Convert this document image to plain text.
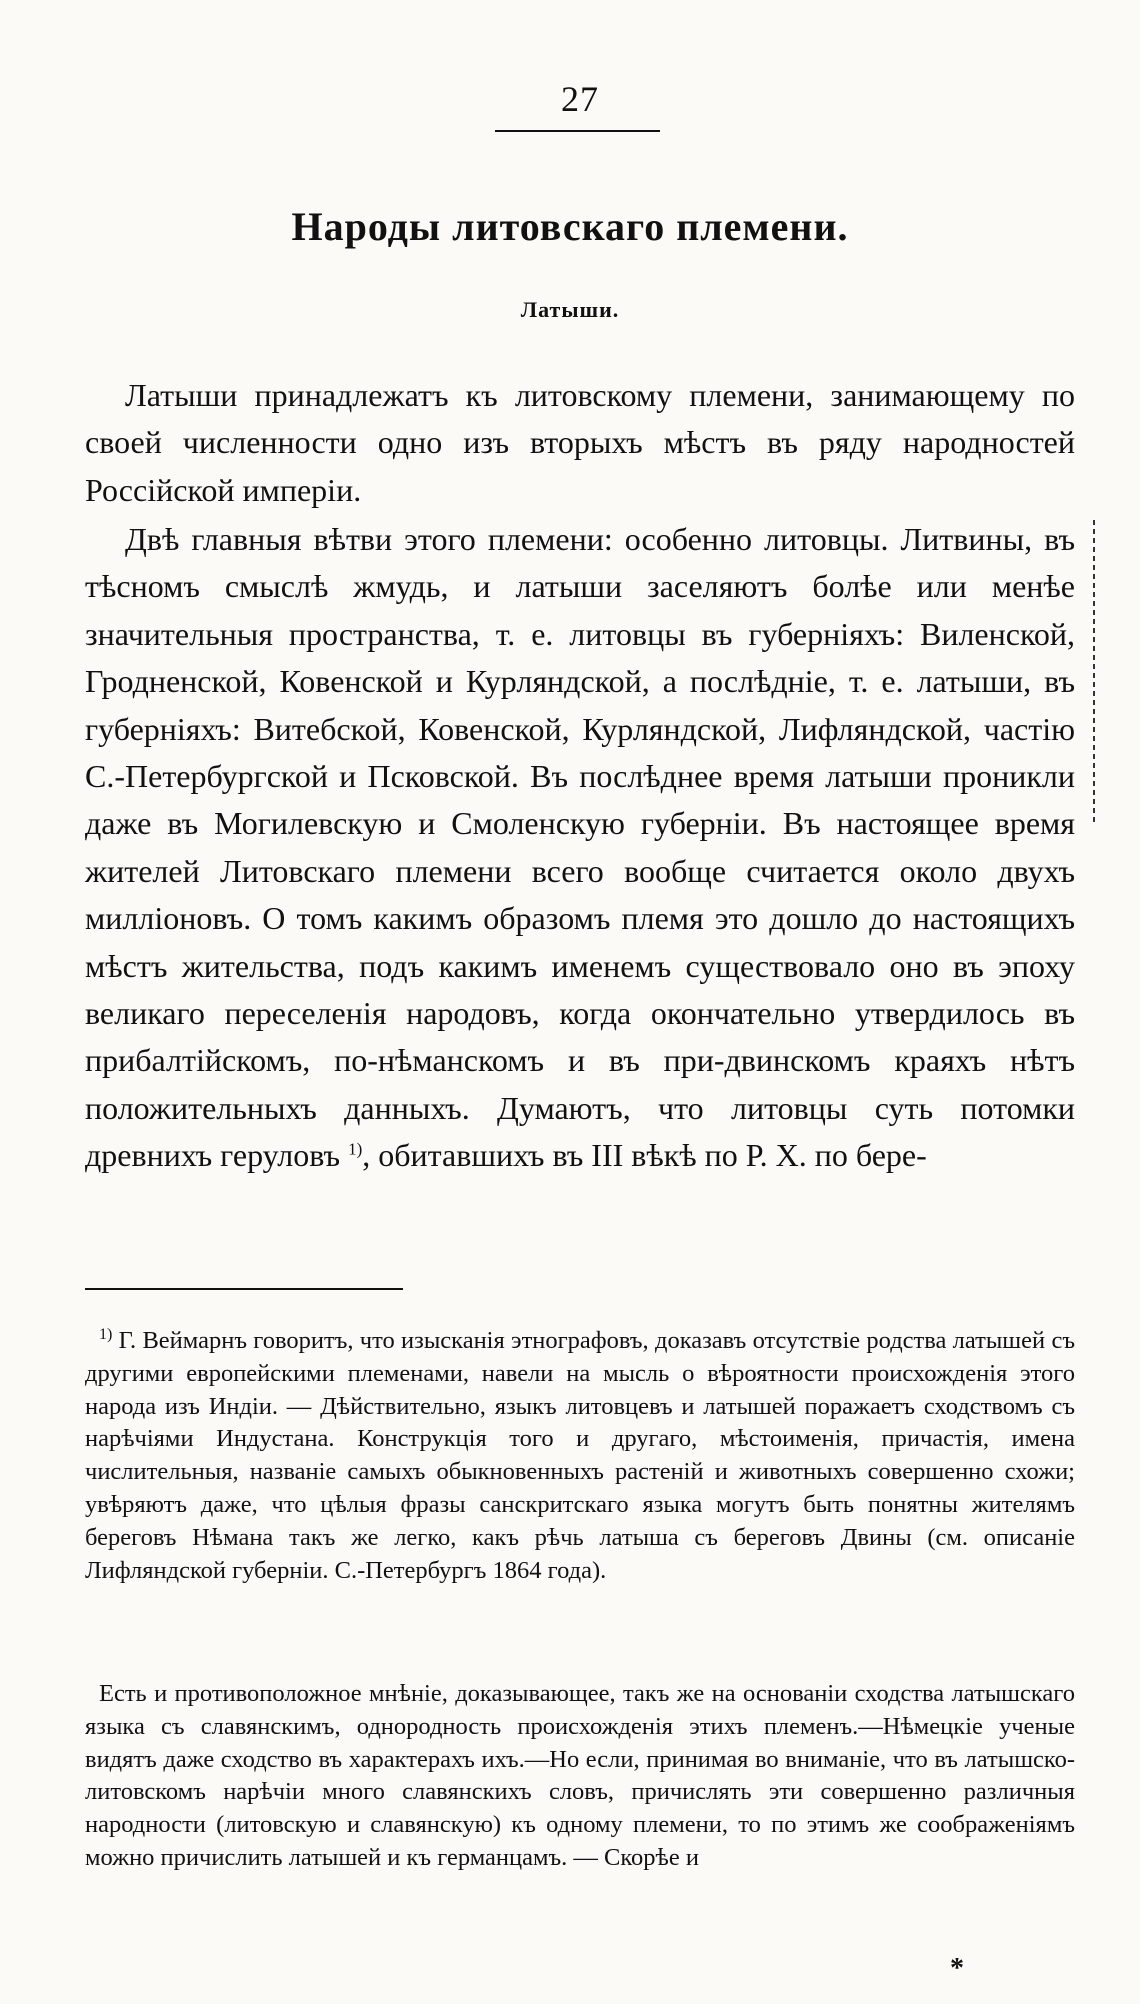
27
Народы литовскаго племени.
Латыши.
Латыши принадлежатъ къ литовскому племени, занимающему по своей численности одно изъ вторыхъ мѣстъ въ ряду народностей Россійской имперіи.
Двѣ главныя вѣтви этого племени: особенно литовцы. Литвины, въ тѣсномъ смыслѣ жмудь, и латыши заселяютъ болѣе или менѣе значительныя пространства, т. е. литовцы въ губерніяхъ: Виленской, Гродненской, Ковенской и Курляндской, а послѣдніе, т. е. латыши, въ губерніяхъ: Витебской, Ковенской, Курляндской, Лифляндской, частію С.-Петербургской и Псковской. Въ послѣднее время латыши проникли даже въ Могилевскую и Смоленскую губерніи. Въ настоящее время жителей Литовскаго племени всего вообще считается около двухъ милліоновъ. О томъ какимъ образомъ племя это дошло до настоящихъ мѣстъ жительства, подъ какимъ именемъ существовало оно въ эпоху великаго переселенія народовъ, когда окончательно утвердилось въ прибалтійскомъ, по-нѣманскомъ и въ при-двинскомъ краяхъ нѣтъ положительныхъ данныхъ. Думаютъ, что литовцы суть потомки древнихъ геруловъ $^{1)}$, обитавшихъ въ III вѣкѣ по Р. Х. по бере-
$^{1)}$ Г. Веймарнъ говоритъ, что изысканія этнографовъ, доказавъ отсутствіе родства латышей съ другими европейскими племенами, навели на мысль о вѣроятности происхожденія этого народа изъ Индіи. — Дѣйствительно, языкъ литовцевъ и латышей поражаетъ сходствомъ съ нарѣчіями Индустана. Конструкція того и другаго, мѣстоименія, причастія, имена числительныя, названіе самыхъ обыкновенныхъ растеній и животныхъ совершенно схожи; увѣряютъ даже, что цѣлыя фразы санскритскаго языка могутъ быть понятны жителямъ береговъ Нѣмана такъ же легко, какъ рѣчь латыша съ береговъ Двины (см. описаніе Лифляндской губерніи. С.-Петербургъ 1864 года).
Есть и противоположное мнѣніе, доказывающее, такъ же на основаніи сходства латышскаго языка съ славянскимъ, однородность происхожденія этихъ племенъ.—Нѣмецкіе ученые видятъ даже сходство въ характерахъ ихъ.—Но если, принимая во вниманіе, что въ латышско-литовскомъ нарѣчіи много славянскихъ словъ, причислять эти совершенно различныя народности (литовскую и славянскую) къ одному племени, то по этимъ же соображеніямъ можно причислить латышей и къ германцамъ. — Скорѣе и
*
